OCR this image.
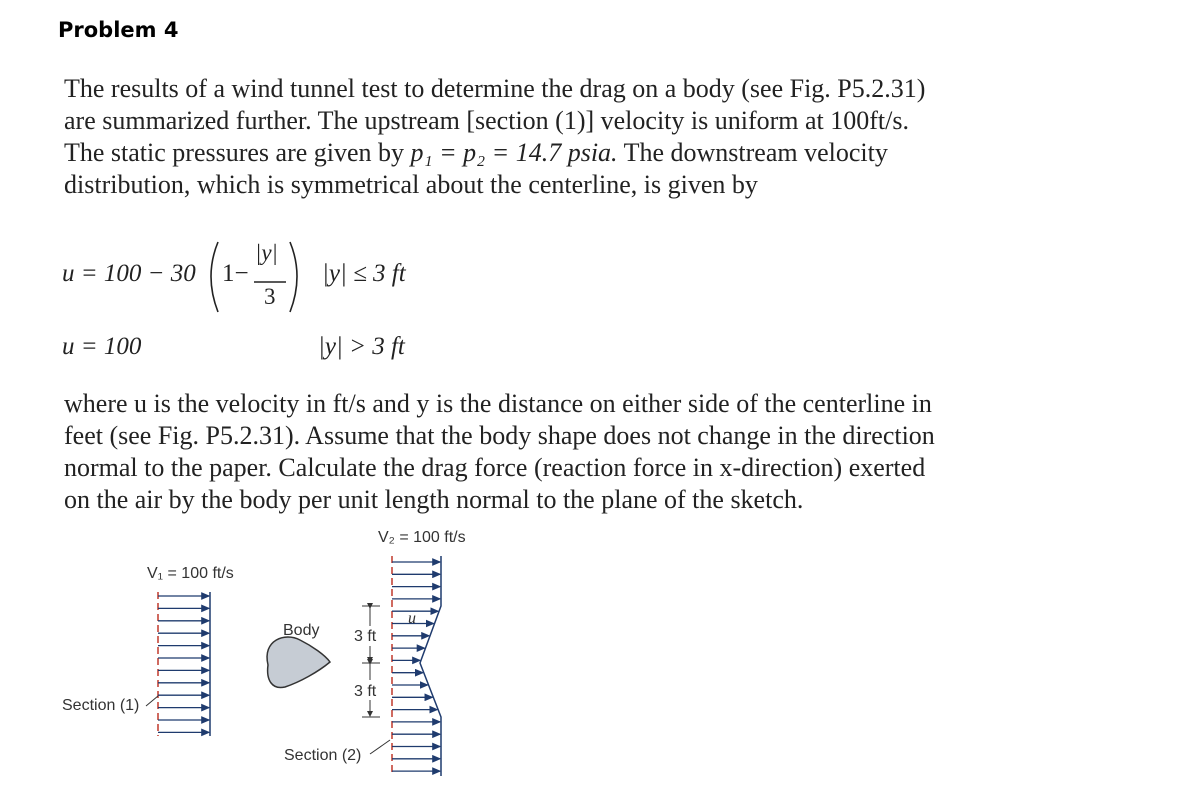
Problem 4
The results of a wind tunnel test to determine the drag on a body (see Fig. P5.2.31)
are summarized further. The upstream [section (1)] velocity is uniform at 100ft/s.
The static pressures are given by p₁ = p₂ = 14.7 psia. The downstream velocity
distribution, which is symmetrical about the centerline, is given by
u = 100 − 30 1−
|y|
3
|y| ≤ 3 ft
u = 100	|y| > 3 ft
where u is the velocity in ft/s and y is the distance on either side of the centerline in
feet (see Fig. P5.2.31). Assume that the body shape does not change in the direction
normal to the paper. Calculate the drag force (reaction force in x-direction) exerted
on the air by the body per unit length normal to the plane of the sketch.
V₁ = 100 ft/s
V₂ = 100 ft/s
Body 3 ft
3 ft
u
Section (1)
Section (2)
